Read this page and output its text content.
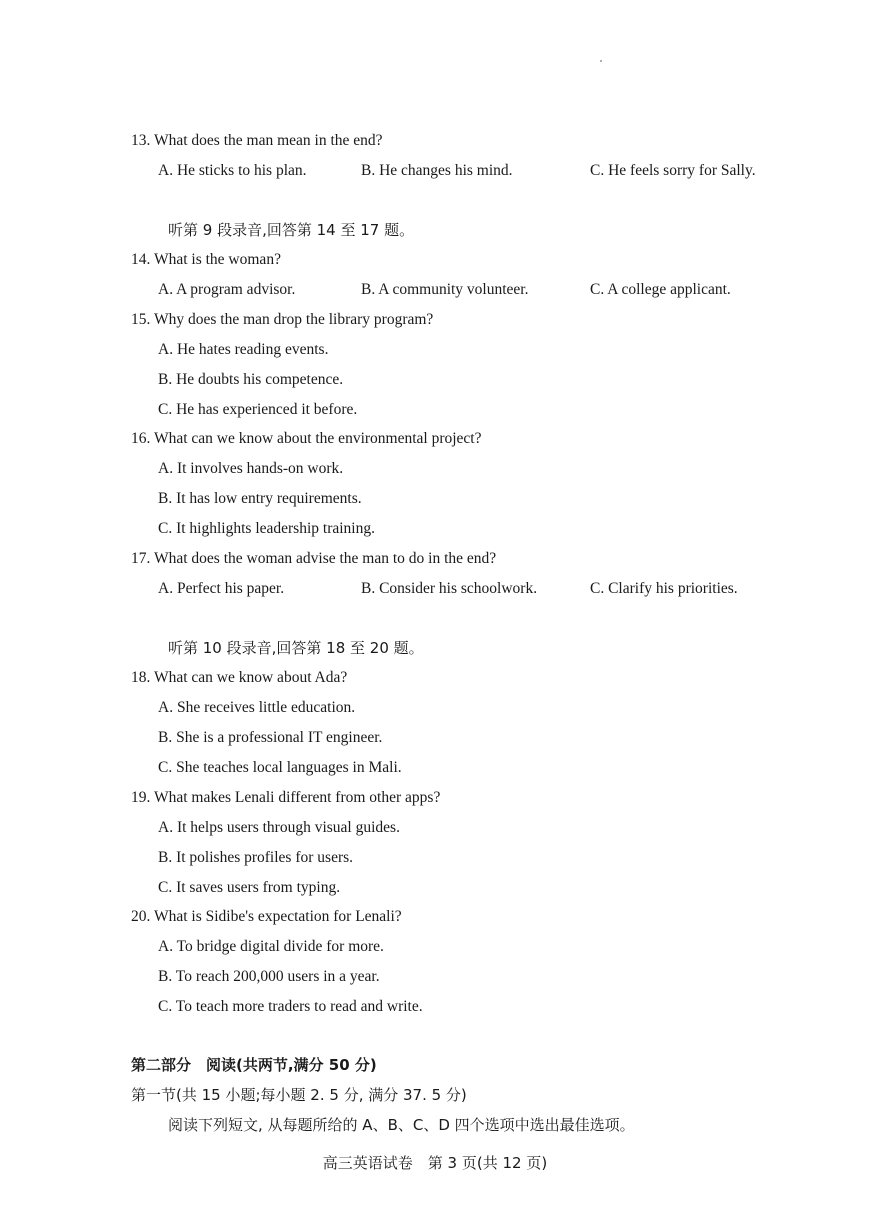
13. What does the man mean in the end?
A. He sticks to his plan.	B. He changes his mind.	C. He feels sorry for Sally.
听第 9 段录音,回答第 14 至 17 题。
14. What is the woman?
A. A program advisor.	B. A community volunteer.	C. A college applicant.
15. Why does the man drop the library program?
A. He hates reading events.
B. He doubts his competence.
C. He has experienced it before.
16. What can we know about the environmental project?
A. It involves hands-on work.
B. It has low entry requirements.
C. It highlights leadership training.
17. What does the woman advise the man to do in the end?
A. Perfect his paper.	B. Consider his schoolwork.	C. Clarify his priorities.
听第 10 段录音,回答第 18 至 20 题。
18. What can we know about Ada?
A. She receives little education.
B. She is a professional IT engineer.
C. She teaches local languages in Mali.
19. What makes Lenali different from other apps?
A. It helps users through visual guides.
B. It polishes profiles for users.
C. It saves users from typing.
20. What is Sidibe's expectation for Lenali?
A. To bridge digital divide for more.
B. To reach 200,000 users in a year.
C. To teach more traders to read and write.
第二部分　阅读(共两节,满分 50 分)
第一节(共 15 小题;每小题 2. 5 分, 满分 37. 5 分)
阅读下列短文, 从每题所给的 A、B、C、D 四个选项中选出最佳选项。
高三英语试卷　第 3 页(共 12 页)
